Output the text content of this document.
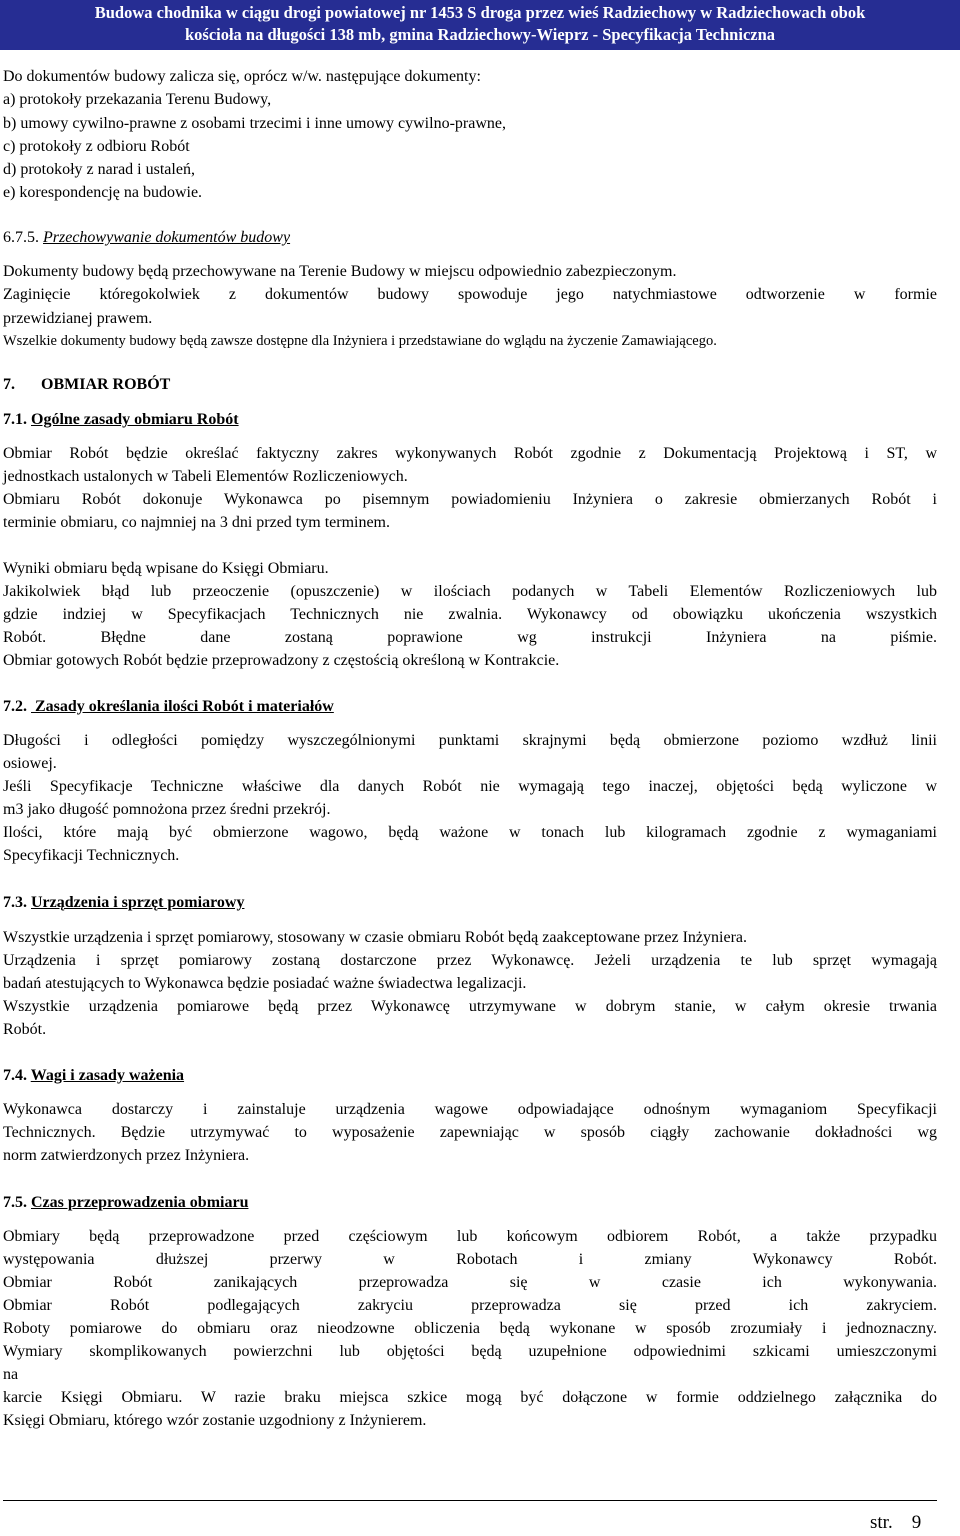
Budowa chodnika w ciągu drogi powiatowej nr 1453 S droga przez wieś Radziechowy w Radziechowach obok
kościoła na długości 138 mb, gmina Radziechowy-Wieprz - Specyfikacja Techniczna
Do dokumentów budowy zalicza się, oprócz w/w. następujące dokumenty:
a) protokoły przekazania Terenu Budowy,
b) umowy cywilno-prawne z osobami trzecimi i inne umowy cywilno-prawne,
c) protokoły z odbioru Robót
d) protokoły z narad i ustaleń,
e) korespondencję na budowie.
6.7.5. Przechowywanie dokumentów budowy
Dokumenty budowy będą przechowywane na Terenie Budowy w miejscu odpowiednio zabezpieczonym.
Zaginięcie któregokolwiek z dokumentów budowy spowoduje jego natychmiastowe odtworzenie w formie
przewidzianej prawem.
Wszelkie dokumenty budowy będą zawsze dostępne dla Inżyniera i przedstawiane do wglądu na życzenie Zamawiającego.
7. OBMIAR ROBÓT
7.1. Ogólne zasady obmiaru Robót
Obmiar Robót będzie określać faktyczny zakres wykonywanych Robót zgodnie z Dokumentacją Projektową i ST, w
jednostkach ustalonych w Tabeli Elementów Rozliczeniowych.
Obmiaru Robót dokonuje Wykonawca po pisemnym powiadomieniu Inżyniera o zakresie obmierzanych Robót i
terminie obmiaru, co najmniej na 3 dni przed tym terminem.
Wyniki obmiaru będą wpisane do Księgi Obmiaru.
Jakikolwiek błąd lub przeoczenie (opuszczenie) w ilościach podanych w Tabeli Elementów Rozliczeniowych lub
gdzie indziej w Specyfikacjach Technicznych nie zwalnia. Wykonawcy od obowiązku ukończenia wszystkich
Robót. Błędne dane zostaną poprawione wg instrukcji Inżyniera na piśmie.
Obmiar gotowych Robót będzie przeprowadzony z częstością określoną w Kontrakcie.
7.2.  Zasady określania ilości Robót i materiałów
Długości i odległości pomiędzy wyszczególnionymi punktami skrajnymi będą obmierzone poziomo wzdłuż linii
osiowej.
Jeśli Specyfikacje Techniczne właściwe dla danych Robót nie wymagają tego inaczej, objętości będą wyliczone w
m3 jako długość pomnożona przez średni przekrój.
Ilości, które mają być obmierzone wagowo, będą ważone w tonach lub kilogramach zgodnie z wymaganiami
Specyfikacji Technicznych.
7.3. Urządzenia i sprzęt pomiarowy
Wszystkie urządzenia i sprzęt pomiarowy, stosowany w czasie obmiaru Robót będą zaakceptowane przez Inżyniera.
Urządzenia i sprzęt pomiarowy zostaną dostarczone przez Wykonawcę. Jeżeli urządzenia te lub sprzęt wymagają
badań atestujących to Wykonawca będzie posiadać ważne świadectwa legalizacji.
Wszystkie urządzenia pomiarowe będą przez Wykonawcę utrzymywane w dobrym stanie, w całym okresie trwania
Robót.
7.4. Wagi i zasady ważenia
Wykonawca dostarczy i zainstaluje urządzenia wagowe odpowiadające odnośnym wymaganiom Specyfikacji
Technicznych. Będzie utrzymywać to wyposażenie zapewniając w sposób ciągły zachowanie dokładności wg
norm zatwierdzonych przez Inżyniera.
7.5. Czas przeprowadzenia obmiaru
Obmiary będą przeprowadzone przed częściowym lub końcowym odbiorem Robót, a także przypadku
występowania dłuższej przerwy w Robotach i zmiany Wykonawcy Robót.
Obmiar Robót zanikających przeprowadza się w czasie ich wykonywania.
Obmiar Robót podlegających zakryciu przeprowadza się przed ich zakryciem.
Roboty pomiarowe do obmiaru oraz nieodzowne obliczenia będą wykonane w sposób zrozumiały i jednoznaczny.
Wymiary skomplikowanych powierzchni lub objętości będą uzupełnione odpowiednimi szkicami umieszczonymi
na
karcie Księgi Obmiaru. W razie braku miejsca szkice mogą być dołączone w formie oddzielnego załącznika do
Księgi Obmiaru, którego wzór zostanie uzgodniony z Inżynierem.
str.    9
